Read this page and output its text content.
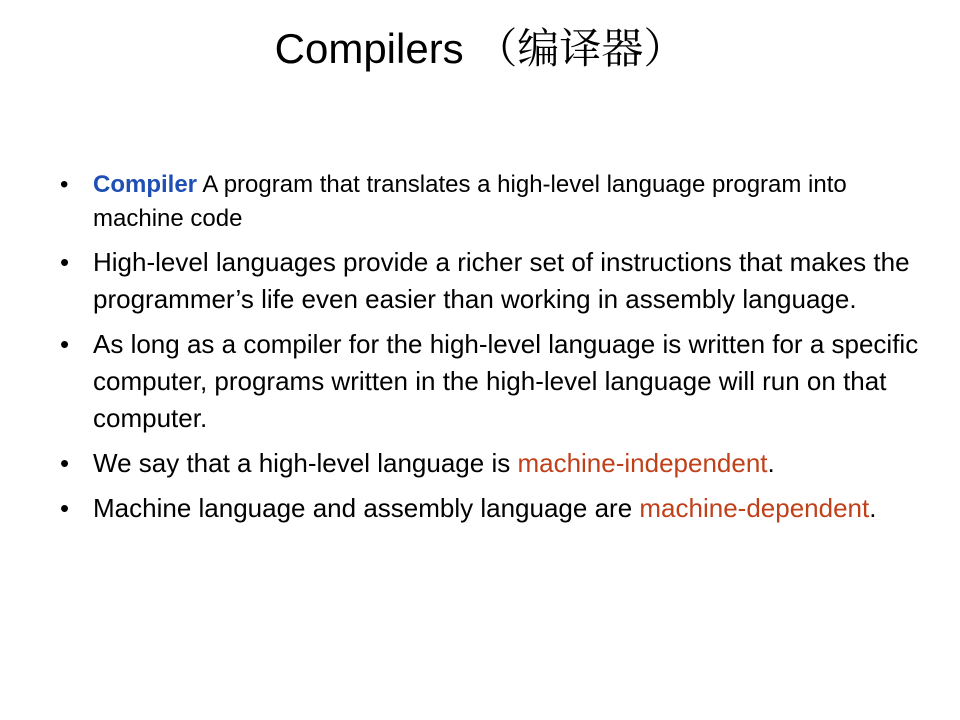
Compilers （编译器）
• Compiler A program that translates a high-level language program into machine code
• High-level languages provide a richer set of instructions that makes the programmer’s life even easier than working in assembly language.
• As long as a compiler for the high-level language is written for a specific computer, programs written in the high-level language will run on that computer.
• We say that a high-level language is machine-independent.
• Machine language and assembly language are machine-dependent.
